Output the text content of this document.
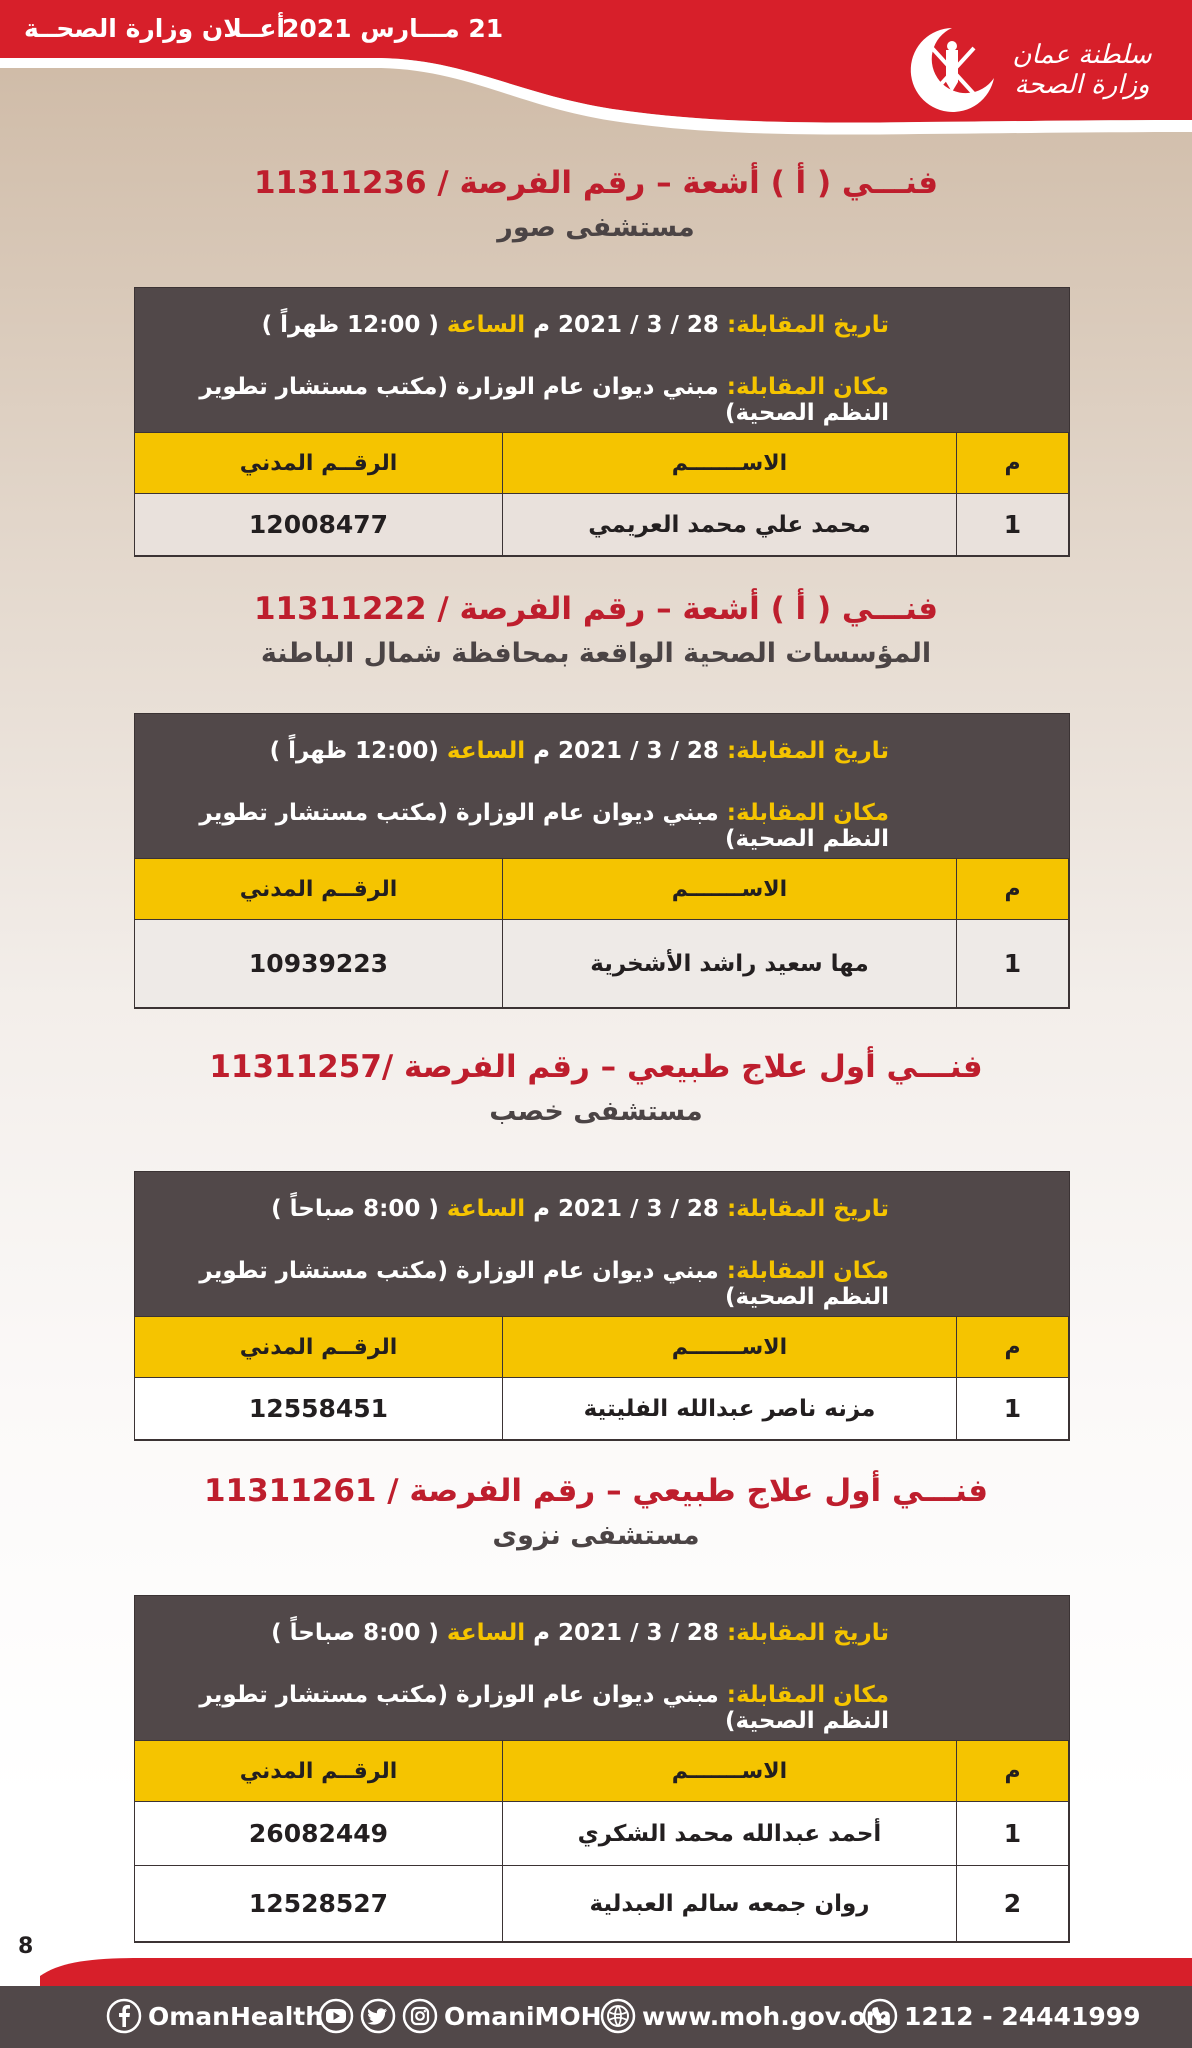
21 مـــارس 2021
أعــلان وزارة الصحــة
سلطنة عمان
وزارة الصحة
فنـــي ( أ ) أشعة – رقم الفرصة / 11311236
مستشفى صور
تاريخ المقابلة: 28 / 3 / 2021 م الساعة ( 12:00 ظهراً )
مكان المقابلة: مبني ديوان عام الوزارة (مكتب مستشار تطوير النظم الصحية)
م	الاســـــــم	الرقــم المدني
1	محمد علي محمد العريمي	12008477
فنـــي ( أ ) أشعة – رقم الفرصة / 11311222
المؤسسات الصحية الواقعة بمحافظة شمال الباطنة
تاريخ المقابلة: 28 / 3 / 2021 م الساعة (12:00 ظهراً )
مكان المقابلة: مبني ديوان عام الوزارة (مكتب مستشار تطوير النظم الصحية)
م	الاســـــــم	الرقــم المدني
1	مها سعيد راشد الأشخرية	10939223
فنـــي أول علاج طبيعي – رقم الفرصة /11311257
مستشفى خصب
تاريخ المقابلة: 28 / 3 / 2021 م الساعة ( 8:00 صباحاً )
مكان المقابلة: مبني ديوان عام الوزارة (مكتب مستشار تطوير النظم الصحية)
م	الاســـــــم	الرقــم المدني
1	مزنه ناصر عبدالله الفليتية	12558451
فنـــي أول علاج طبيعي – رقم الفرصة / 11311261
مستشفى نزوى
تاريخ المقابلة: 28 / 3 / 2021 م الساعة ( 8:00 صباحاً )
مكان المقابلة: مبني ديوان عام الوزارة (مكتب مستشار تطوير النظم الصحية)
م	الاســـــــم	الرقــم المدني
1	أحمد عبدالله محمد الشكري	26082449
2	روان جمعه سالم العبدلية	12528527
8
OmanHealth	OmaniMOH www.moh.gov.om 1212 - 24441999
